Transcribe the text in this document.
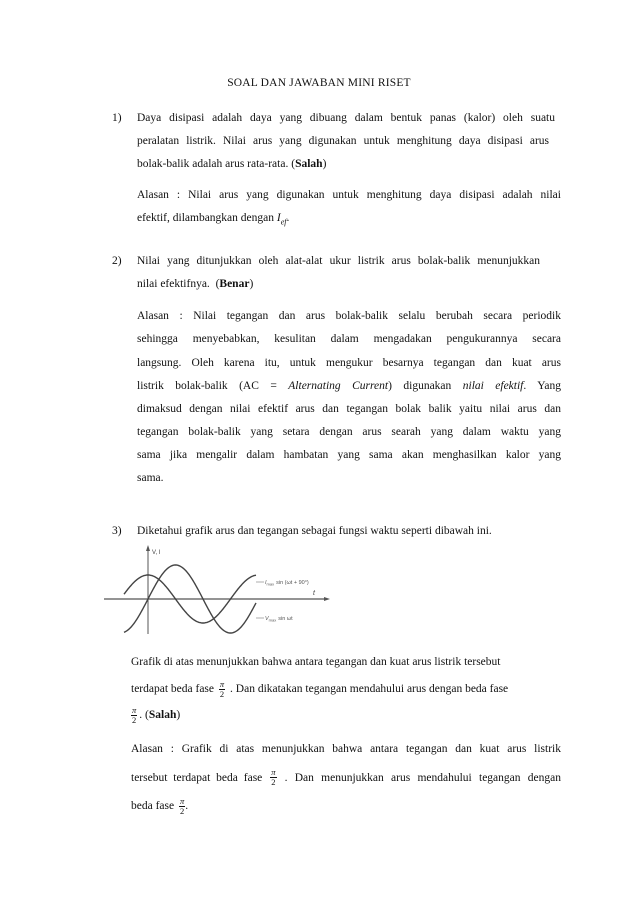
SOAL DAN JAWABAN MINI RISET
1) Daya disipasi adalah daya yang dibuang dalam bentuk panas (kalor) oleh suatu
peralatan listrik. Nilai arus yang digunakan untuk menghitung daya disipasi arus
bolak-balik adalah arus rata-rata. (Salah)
Alasan : Nilai arus yang digunakan untuk menghitung daya disipasi adalah nilai
efektif, dilambangkan dengan $I_{ef}$.
2) Nilai yang ditunjukkan oleh alat-alat ukur listrik arus bolak-balik menunjukkan
nilai efektifnya.  (Benar)
Alasan : Nilai tegangan dan arus bolak-balik selalu berubah secara periodik
sehingga menyebabkan, kesulitan dalam mengadakan pengukurannya secara
langsung. Oleh karena itu, untuk mengukur besarnya tegangan dan kuat arus
listrik bolak-balik (AC = Alternating Current) digunakan nilai efektif. Yang
dimaksud dengan nilai efektif arus dan tegangan bolak balik yaitu nilai arus dan
tegangan bolak-balik yang setara dengan arus searah yang dalam waktu yang
sama jika mengalir dalam hambatan yang sama akan menghasilkan kalor yang
sama.
3) Diketahui grafik arus dan tegangan sebagai fungsi waktu seperti dibawah ini.
V, I
t
$I_{max}$ sin (ωt + 90°)
$V_{max}$ sin ωt
Grafik di atas menunjukkan bahwa antara tegangan dan kuat arus listrik tersebut
terdapat beda fase $\frac{\pi}{2}$ . Dan dikatakan tegangan mendahului arus dengan beda fase
$\frac{\pi}{2}$ . (Salah)
Alasan : Grafik di atas menunjukkan bahwa antara tegangan dan kuat arus listrik
tersebut terdapat beda fase $\frac{\pi}{2}$ . Dan menunjukkan arus mendahului tegangan dengan
beda fase $\frac{\pi}{2}$ .
